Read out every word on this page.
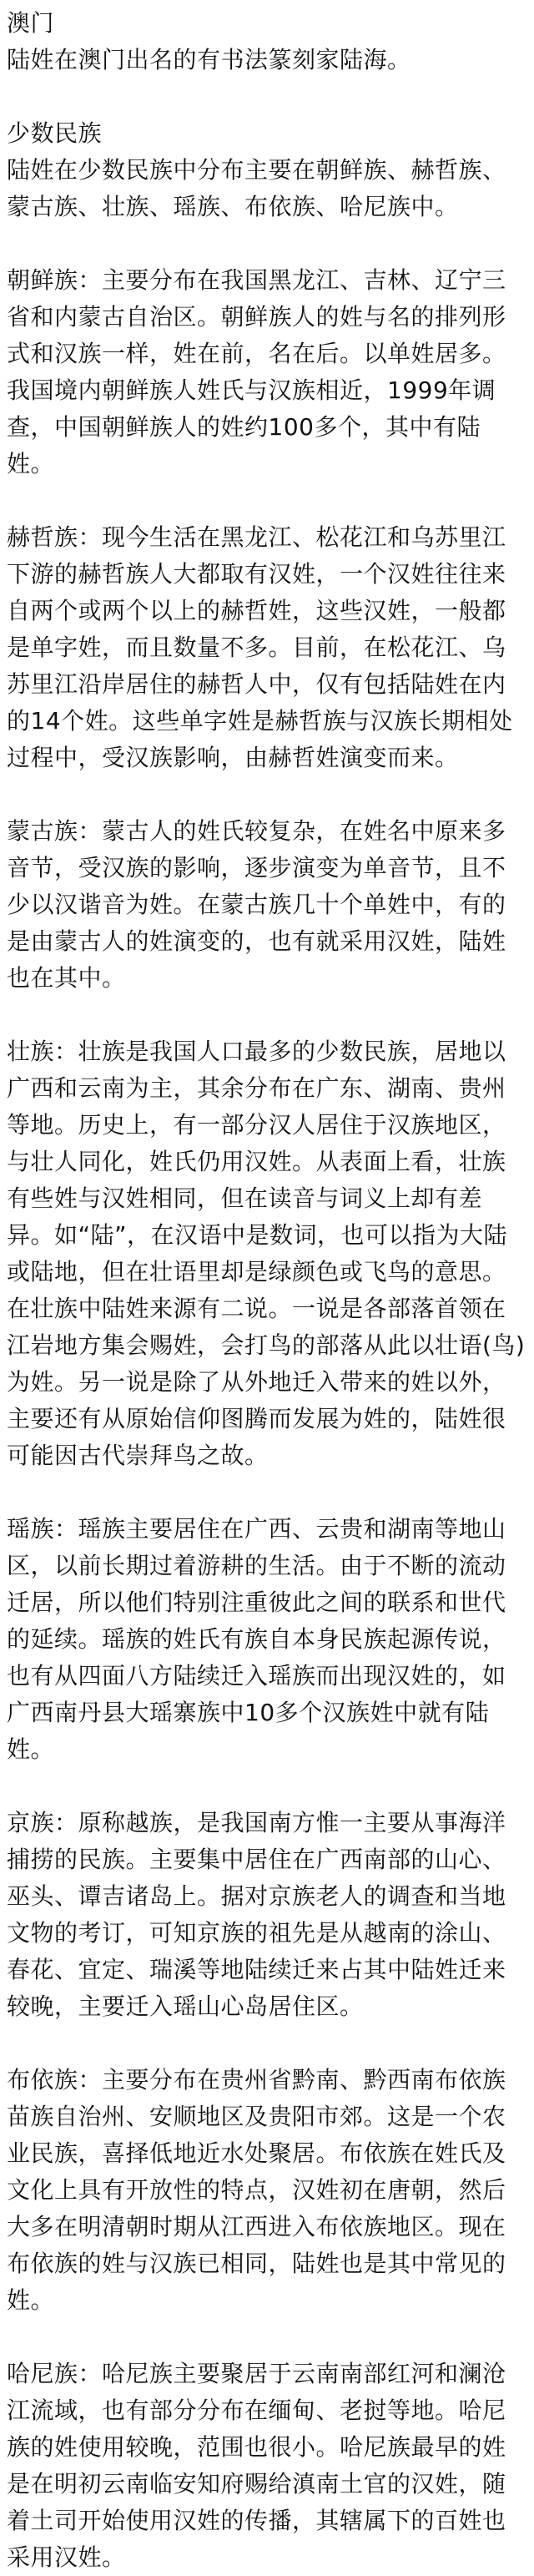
澳门
陆姓在澳门出名的有书法篆刻家陆海。

少数民族
陆姓在少数民族中分布主要在朝鲜族、赫哲族、蒙古族、壮族、瑶族、布依族、哈尼族中。

朝鲜族：主要分布在我国黑龙江、吉林、辽宁三省和内蒙古自治区。朝鲜族人的姓与名的排列形式和汉族一样，姓在前，名在后。以单姓居多。我国境内朝鲜族人姓氏与汉族相近，1999年调查，中国朝鲜族人的姓约100多个，其中有陆姓。

赫哲族：现今生活在黑龙江、松花江和乌苏里江下游的赫哲族人大都取有汉姓，一个汉姓往往来自两个或两个以上的赫哲姓，这些汉姓，一般都是单字姓，而且数量不多。目前，在松花江、乌苏里江沿岸居住的赫哲人中，仅有包括陆姓在内的14个姓。这些单字姓是赫哲族与汉族长期相处过程中，受汉族影响，由赫哲姓演变而来。

蒙古族：蒙古人的姓氏较复杂，在姓名中原来多音节，受汉族的影响，逐步演变为单音节，且不少以汉谐音为姓。在蒙古族几十个单姓中，有的是由蒙古人的姓演变的，也有就采用汉姓，陆姓也在其中。

壮族：壮族是我国人口最多的少数民族，居地以广西和云南为主，其余分布在广东、湖南、贵州等地。历史上，有一部分汉人居住于汉族地区，与壮人同化，姓氏仍用汉姓。从表面上看，壮族有些姓与汉姓相同，但在读音与词义上却有差异。如“陆”，在汉语中是数词，也可以指为大陆或陆地，但在壮语里却是绿颜色或飞鸟的意思。在壮族中陆姓来源有二说。一说是各部落首领在江岩地方集会赐姓，会打鸟的部落从此以壮语(鸟)为姓。另一说是除了从外地迁入带来的姓以外，主要还有从原始信仰图腾而发展为姓的，陆姓很可能因古代崇拜鸟之故。

瑶族：瑶族主要居住在广西、云贵和湖南等地山区，以前长期过着游耕的生活。由于不断的流动迁居，所以他们特别注重彼此之间的联系和世代的延续。瑶族的姓氏有族自本身民族起源传说，也有从四面八方陆续迁入瑶族而出现汉姓的，如广西南丹县大瑶寨族中10多个汉族姓中就有陆姓。

京族：原称越族，是我国南方惟一主要从事海洋捕捞的民族。主要集中居住在广西南部的山心、巫头、谭吉诸岛上。据对京族老人的调查和当地文物的考订，可知京族的祖先是从越南的涂山、春花、宜定、瑞溪等地陆续迁来占其中陆姓迁来较晚，主要迁入瑶山心岛居住区。

布依族：主要分布在贵州省黔南、黔西南布依族苗族自治州、安顺地区及贵阳市郊。这是一个农业民族，喜择低地近水处聚居。布依族在姓氏及文化上具有开放性的特点，汉姓初在唐朝，然后大多在明清朝时期从江西进入布依族地区。现在布依族的姓与汉族已相同，陆姓也是其中常见的姓。

哈尼族：哈尼族主要聚居于云南南部红河和澜沧江流域，也有部分分布在缅甸、老挝等地。哈尼族的姓使用较晚，范围也很小。哈尼族最早的姓是在明初云南临安知府赐给滇南土官的汉姓，随着土司开始使用汉姓的传播，其辖属下的百姓也采用汉姓。
